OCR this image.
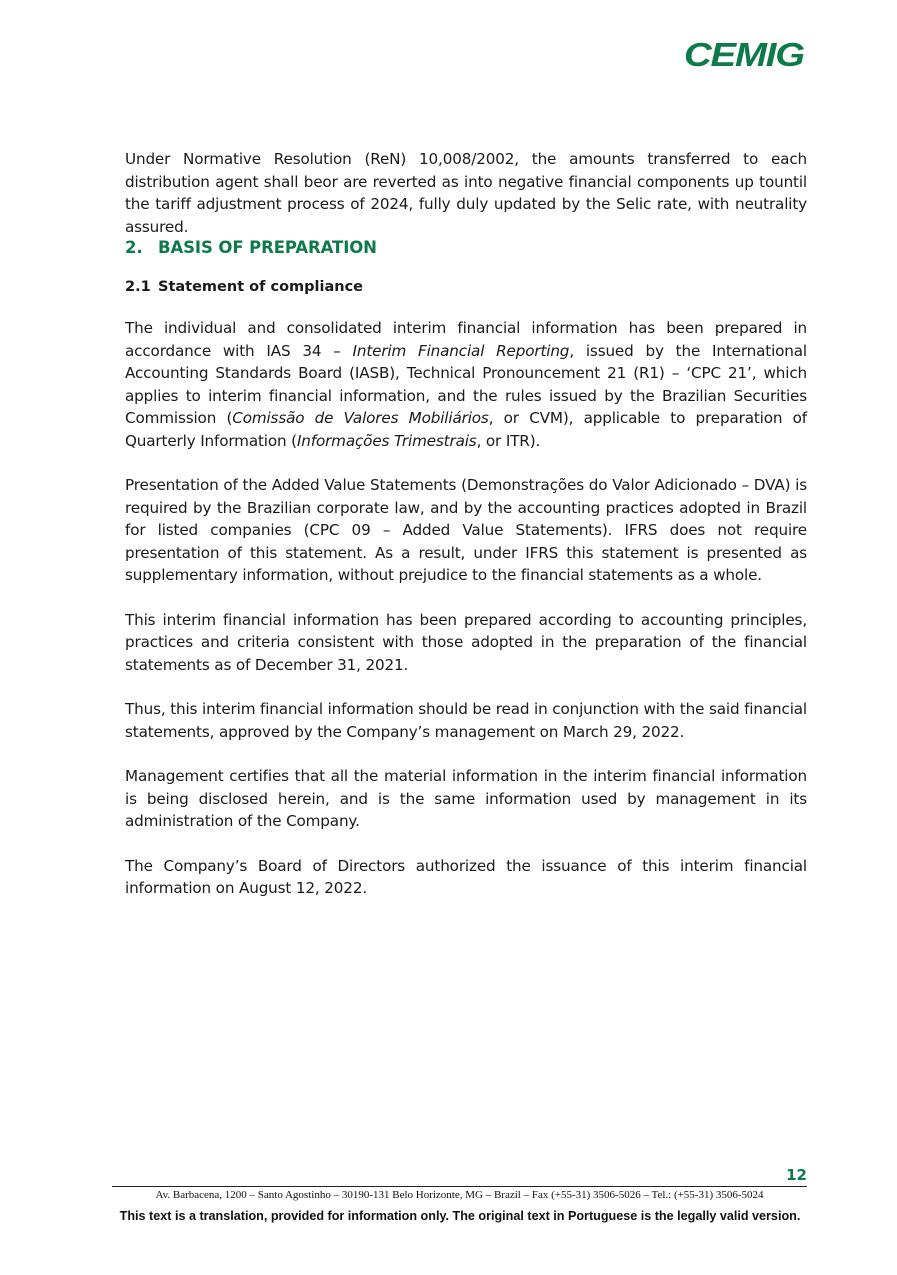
CEMIG

Under Normative Resolution (ReN) 10,008/2002, the amounts transferred to each distribution agent shall beor are reverted as into negative financial components up tountil the tariff adjustment process of 2024, fully duly updated by the Selic rate, with neutrality assured.

2. BASIS OF PREPARATION
2.1 Statement of compliance

The individual and consolidated interim financial information has been prepared in accordance with IAS 34 – Interim Financial Reporting, issued by the International Accounting Standards Board (IASB), Technical Pronouncement 21 (R1) – ‘CPC 21’, which applies to interim financial information, and the rules issued by the Brazilian Securities Commission (Comissão de Valores Mobiliários, or CVM), applicable to preparation of Quarterly Information (Informações Trimestrais, or ITR).

Presentation of the Added Value Statements (Demonstrações do Valor Adicionado – DVA) is required by the Brazilian corporate law, and by the accounting practices adopted in Brazil for listed companies (CPC 09 – Added Value Statements). IFRS does not require presentation of this statement. As a result, under IFRS this statement is presented as supplementary information, without prejudice to the financial statements as a whole.

This interim financial information has been prepared according to accounting principles, practices and criteria consistent with those adopted in the preparation of the financial statements as of December 31, 2021.

Thus, this interim financial information should be read in conjunction with the said financial statements, approved by the Company’s management on March 29, 2022.

Management certifies that all the material information in the interim financial information is being disclosed herein, and is the same information used by management in its administration of the Company.

The Company’s Board of Directors authorized the issuance of this interim financial information on August 12, 2022.

12
Av. Barbacena, 1200 – Santo Agostinho – 30190-131 Belo Horizonte, MG – Brazil – Fax (+55-31) 3506-5026 – Tel.: (+55-31) 3506-5024
This text is a translation, provided for information only. The original text in Portuguese is the legally valid version.
